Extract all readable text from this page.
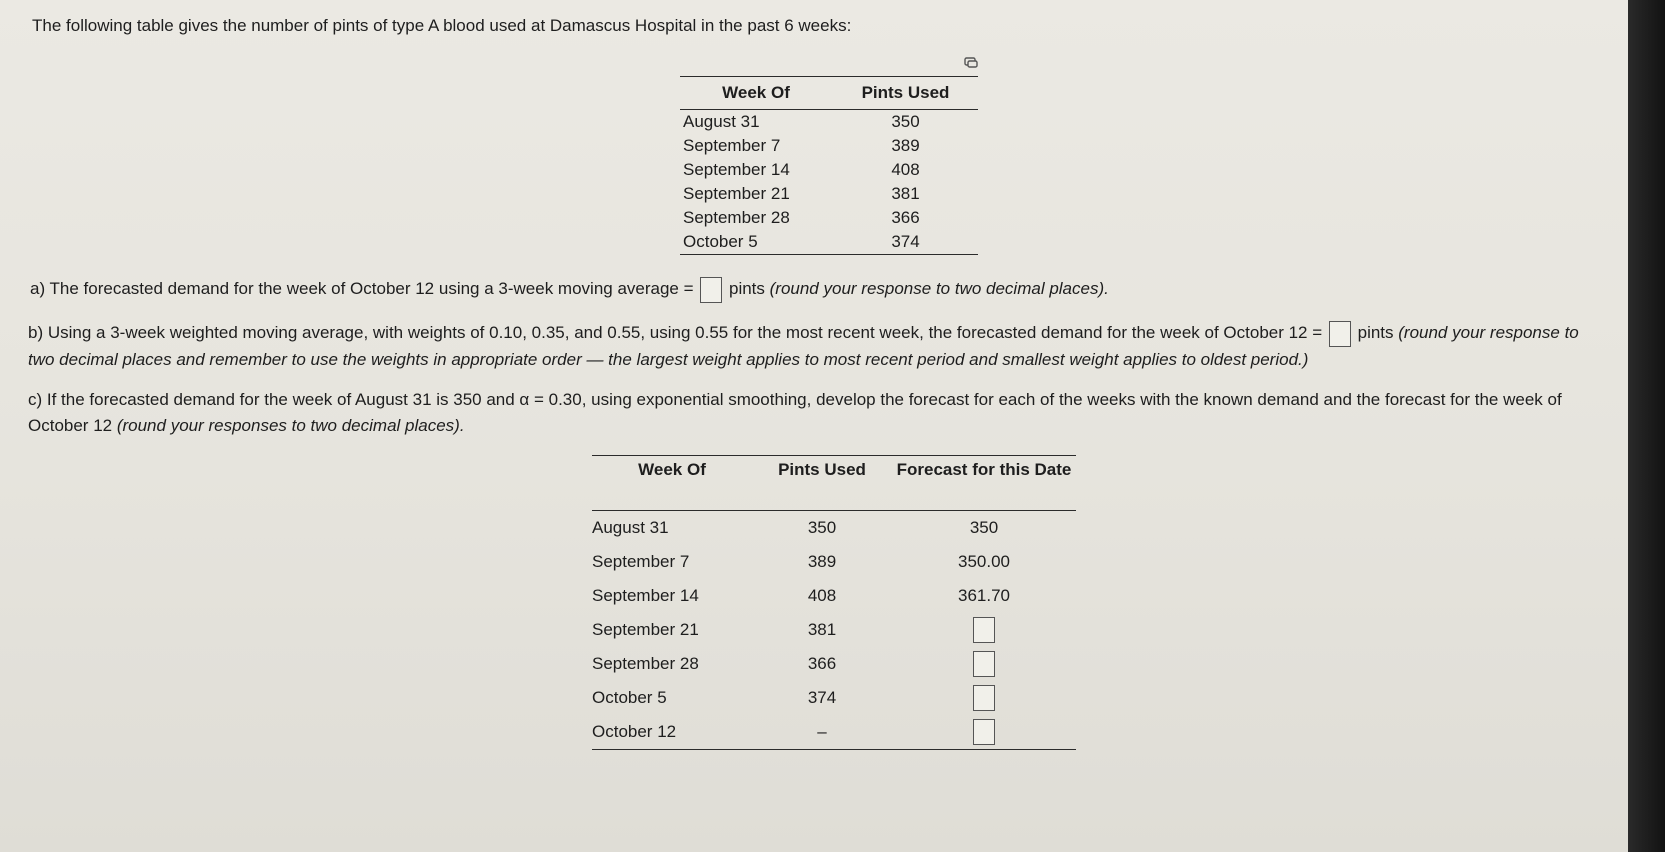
The following table gives the number of pints of type A blood used at Damascus Hospital in the past 6 weeks:
Week Of	Pints Used
August 31	350
September 7	389
September 14	408
September 21	381
September 28	366
October 5	374
a) The forecasted demand for the week of October 12 using a 3-week moving average =  pints (round your response to two decimal places).
b) Using a 3-week weighted moving average, with weights of 0.10, 0.35, and 0.55, using 0.55 for the most recent week, the forecasted demand for the week of October 12 =  pints (round your response to two decimal places and remember to use the weights in appropriate order — the largest weight applies to most recent period and smallest weight applies to oldest period.)
c) If the forecasted demand for the week of August 31 is 350 and α = 0.30, using exponential smoothing, develop the forecast for each of the weeks with the known demand and the forecast for the week of October 12 (round your responses to two decimal places).
Week Of	Pints Used	Forecast for this Date
August 31	350	350
September 7	389	350.00
September 14	408	361.70
September 21	381	
September 28	366	
October 5	374	
October 12	–	
